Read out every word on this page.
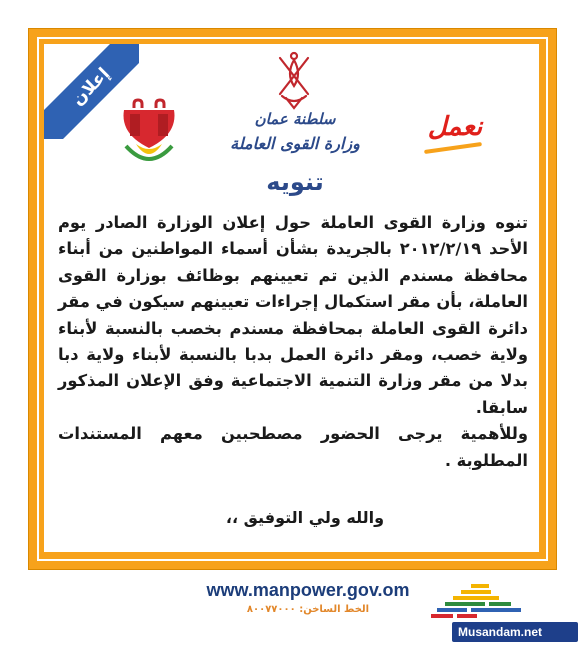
إعلان
سلطنة عمان
وزارة القوى العاملة
نعمل
تنويه

تنوه وزارة القوى العاملة حول إعلان الوزارة الصادر يوم الأحد ٢٠١٢/٢/١٩ بالجريدة بشأن أسماء المواطنين من أبناء محافظة مسندم الذين تم تعيينهم بوظائف بوزارة القوى العاملة، بأن مقر استكمال إجراءات تعيينهم سيكون في مقر دائرة القوى العاملة بمحافظة مسندم بخصب بالنسبة لأبناء ولاية خصب، ومقر دائرة العمل بدبا بالنسبة لأبناء ولاية دبا بدلا من مقر وزارة التنمية الاجتماعية وفق الإعلان المذكور سابقا.

وللأهمية يرجى الحضور مصطحبين معهم المستندات المطلوبة .

والله ولي التوفيق ،،
www.manpower.gov.om
الخط الساخن: ٨٠٠٧٧٠٠٠
Musandam.net
